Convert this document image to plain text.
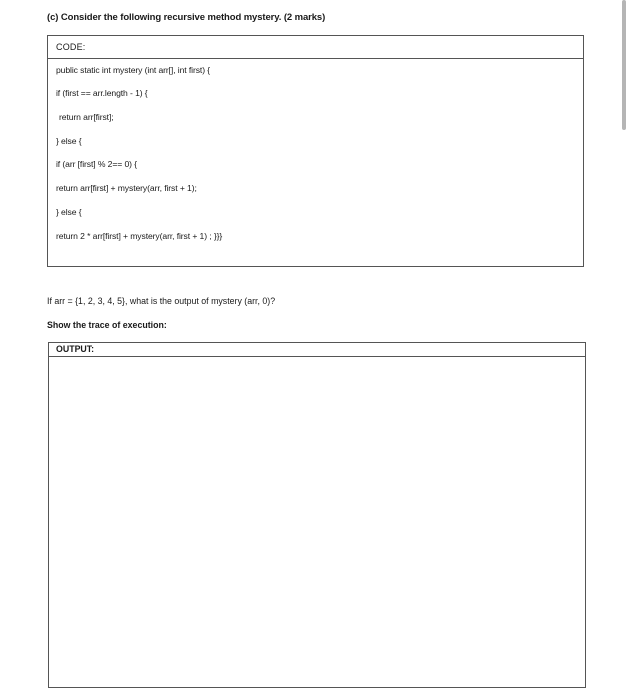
(c) Consider the following recursive method mystery. (2 marks)
CODE:
public static int mystery (int arr[], int first) {
if (first == arr.length - 1) {
return arr[first];
} else {
if (arr [first] % 2== 0) {
return arr[first] + mystery(arr, first + 1);
} else {
return 2 * arr[first] + mystery(arr, first + 1) ; }}}
If arr = {1, 2, 3, 4, 5}, what is the output of mystery (arr, 0)?
Show the trace of execution:
OUTPUT:
